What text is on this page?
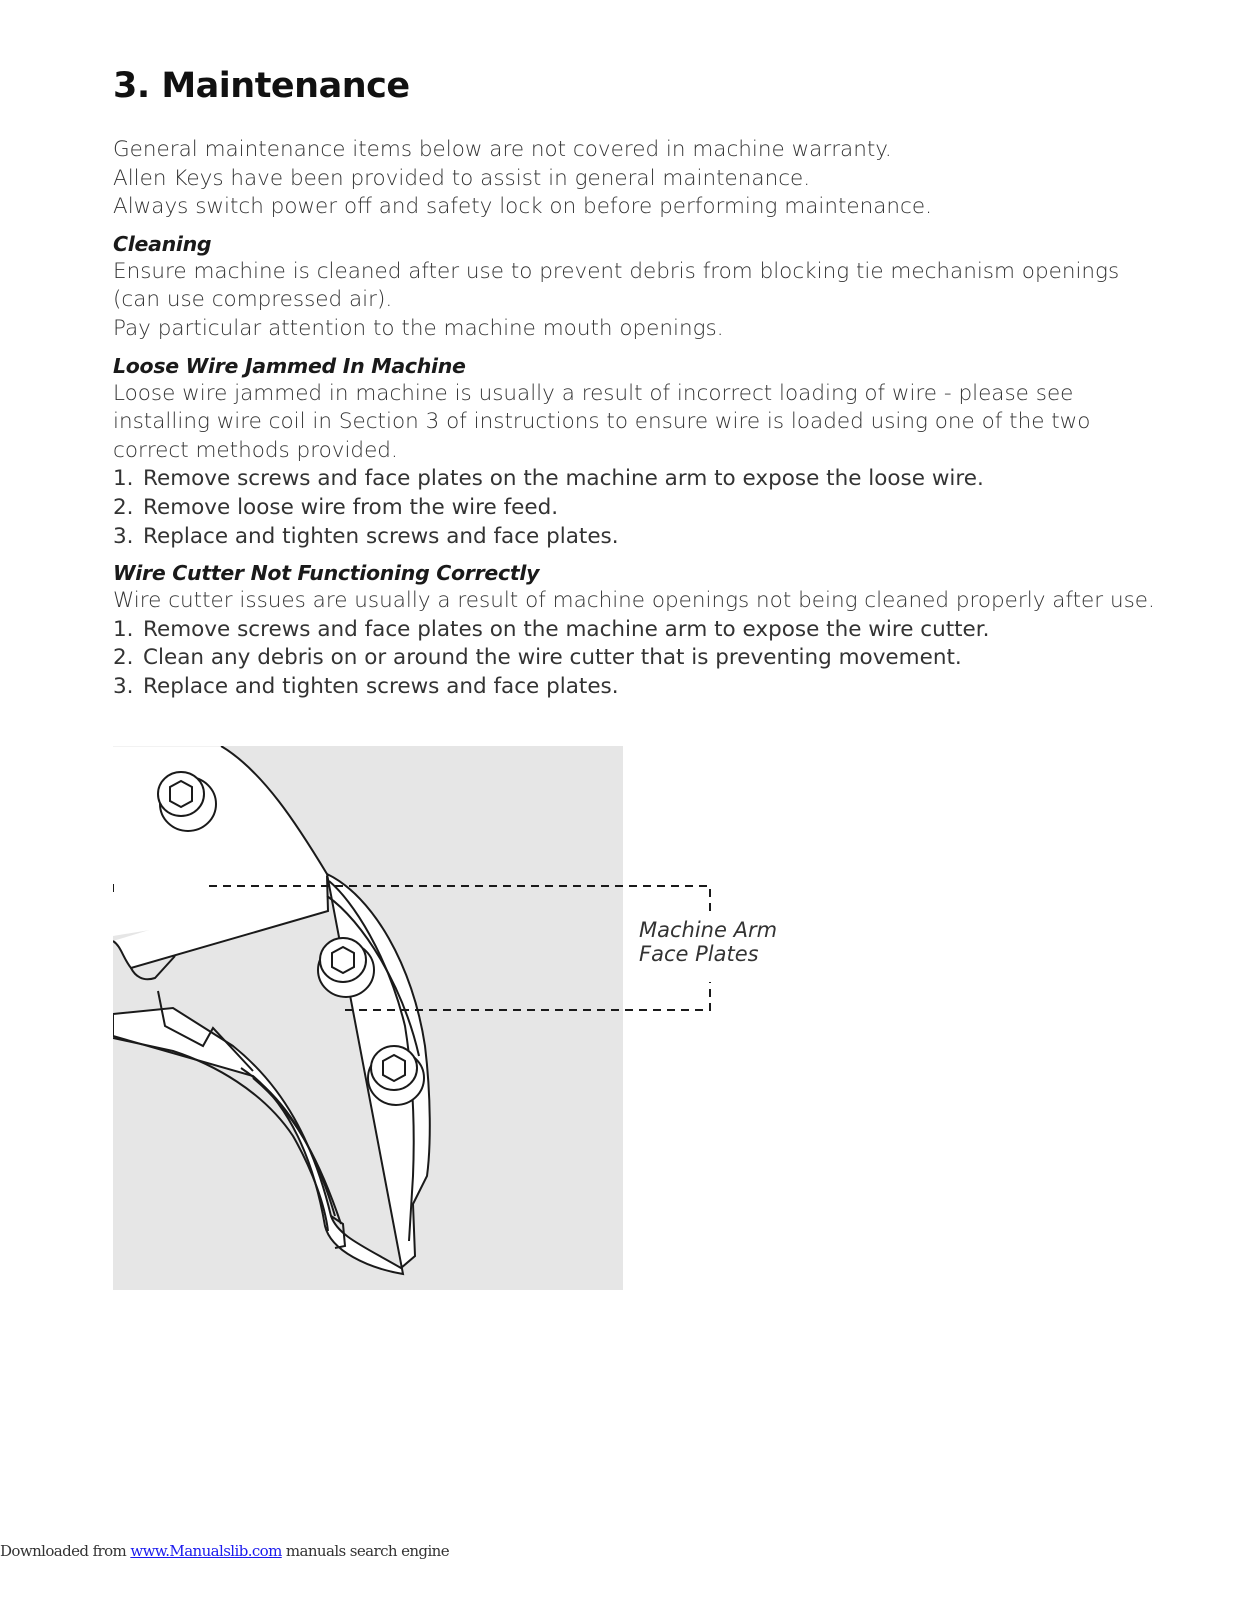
3. Maintenance
General maintenance items below are not covered in machine warranty.
Allen Keys have been provided to assist in general maintenance.
Always switch power off and safety lock on before performing maintenance.
Cleaning
Ensure machine is cleaned after use to prevent debris from blocking tie mechanism openings
(can use compressed air).
Pay particular attention to the machine mouth openings.
Loose Wire Jammed In Machine
Loose wire jammed in machine is usually a result of incorrect loading of wire - please see
installing wire coil in Section 3 of instructions to ensure wire is loaded using one of the two
correct methods provided.
1. Remove screws and face plates on the machine arm to expose the loose wire.
2. Remove loose wire from the wire feed.
3. Replace and tighten screws and face plates.
Wire Cutter Not Functioning Correctly
Wire cutter issues are usually a result of machine openings not being cleaned properly after use.
1. Remove screws and face plates on the machine arm to expose the wire cutter.
2. Clean any debris on or around the wire cutter that is preventing movement.
3. Replace and tighten screws and face plates.
Machine Arm
Face Plates
Downloaded from www.Manualslib.com manuals search engine
